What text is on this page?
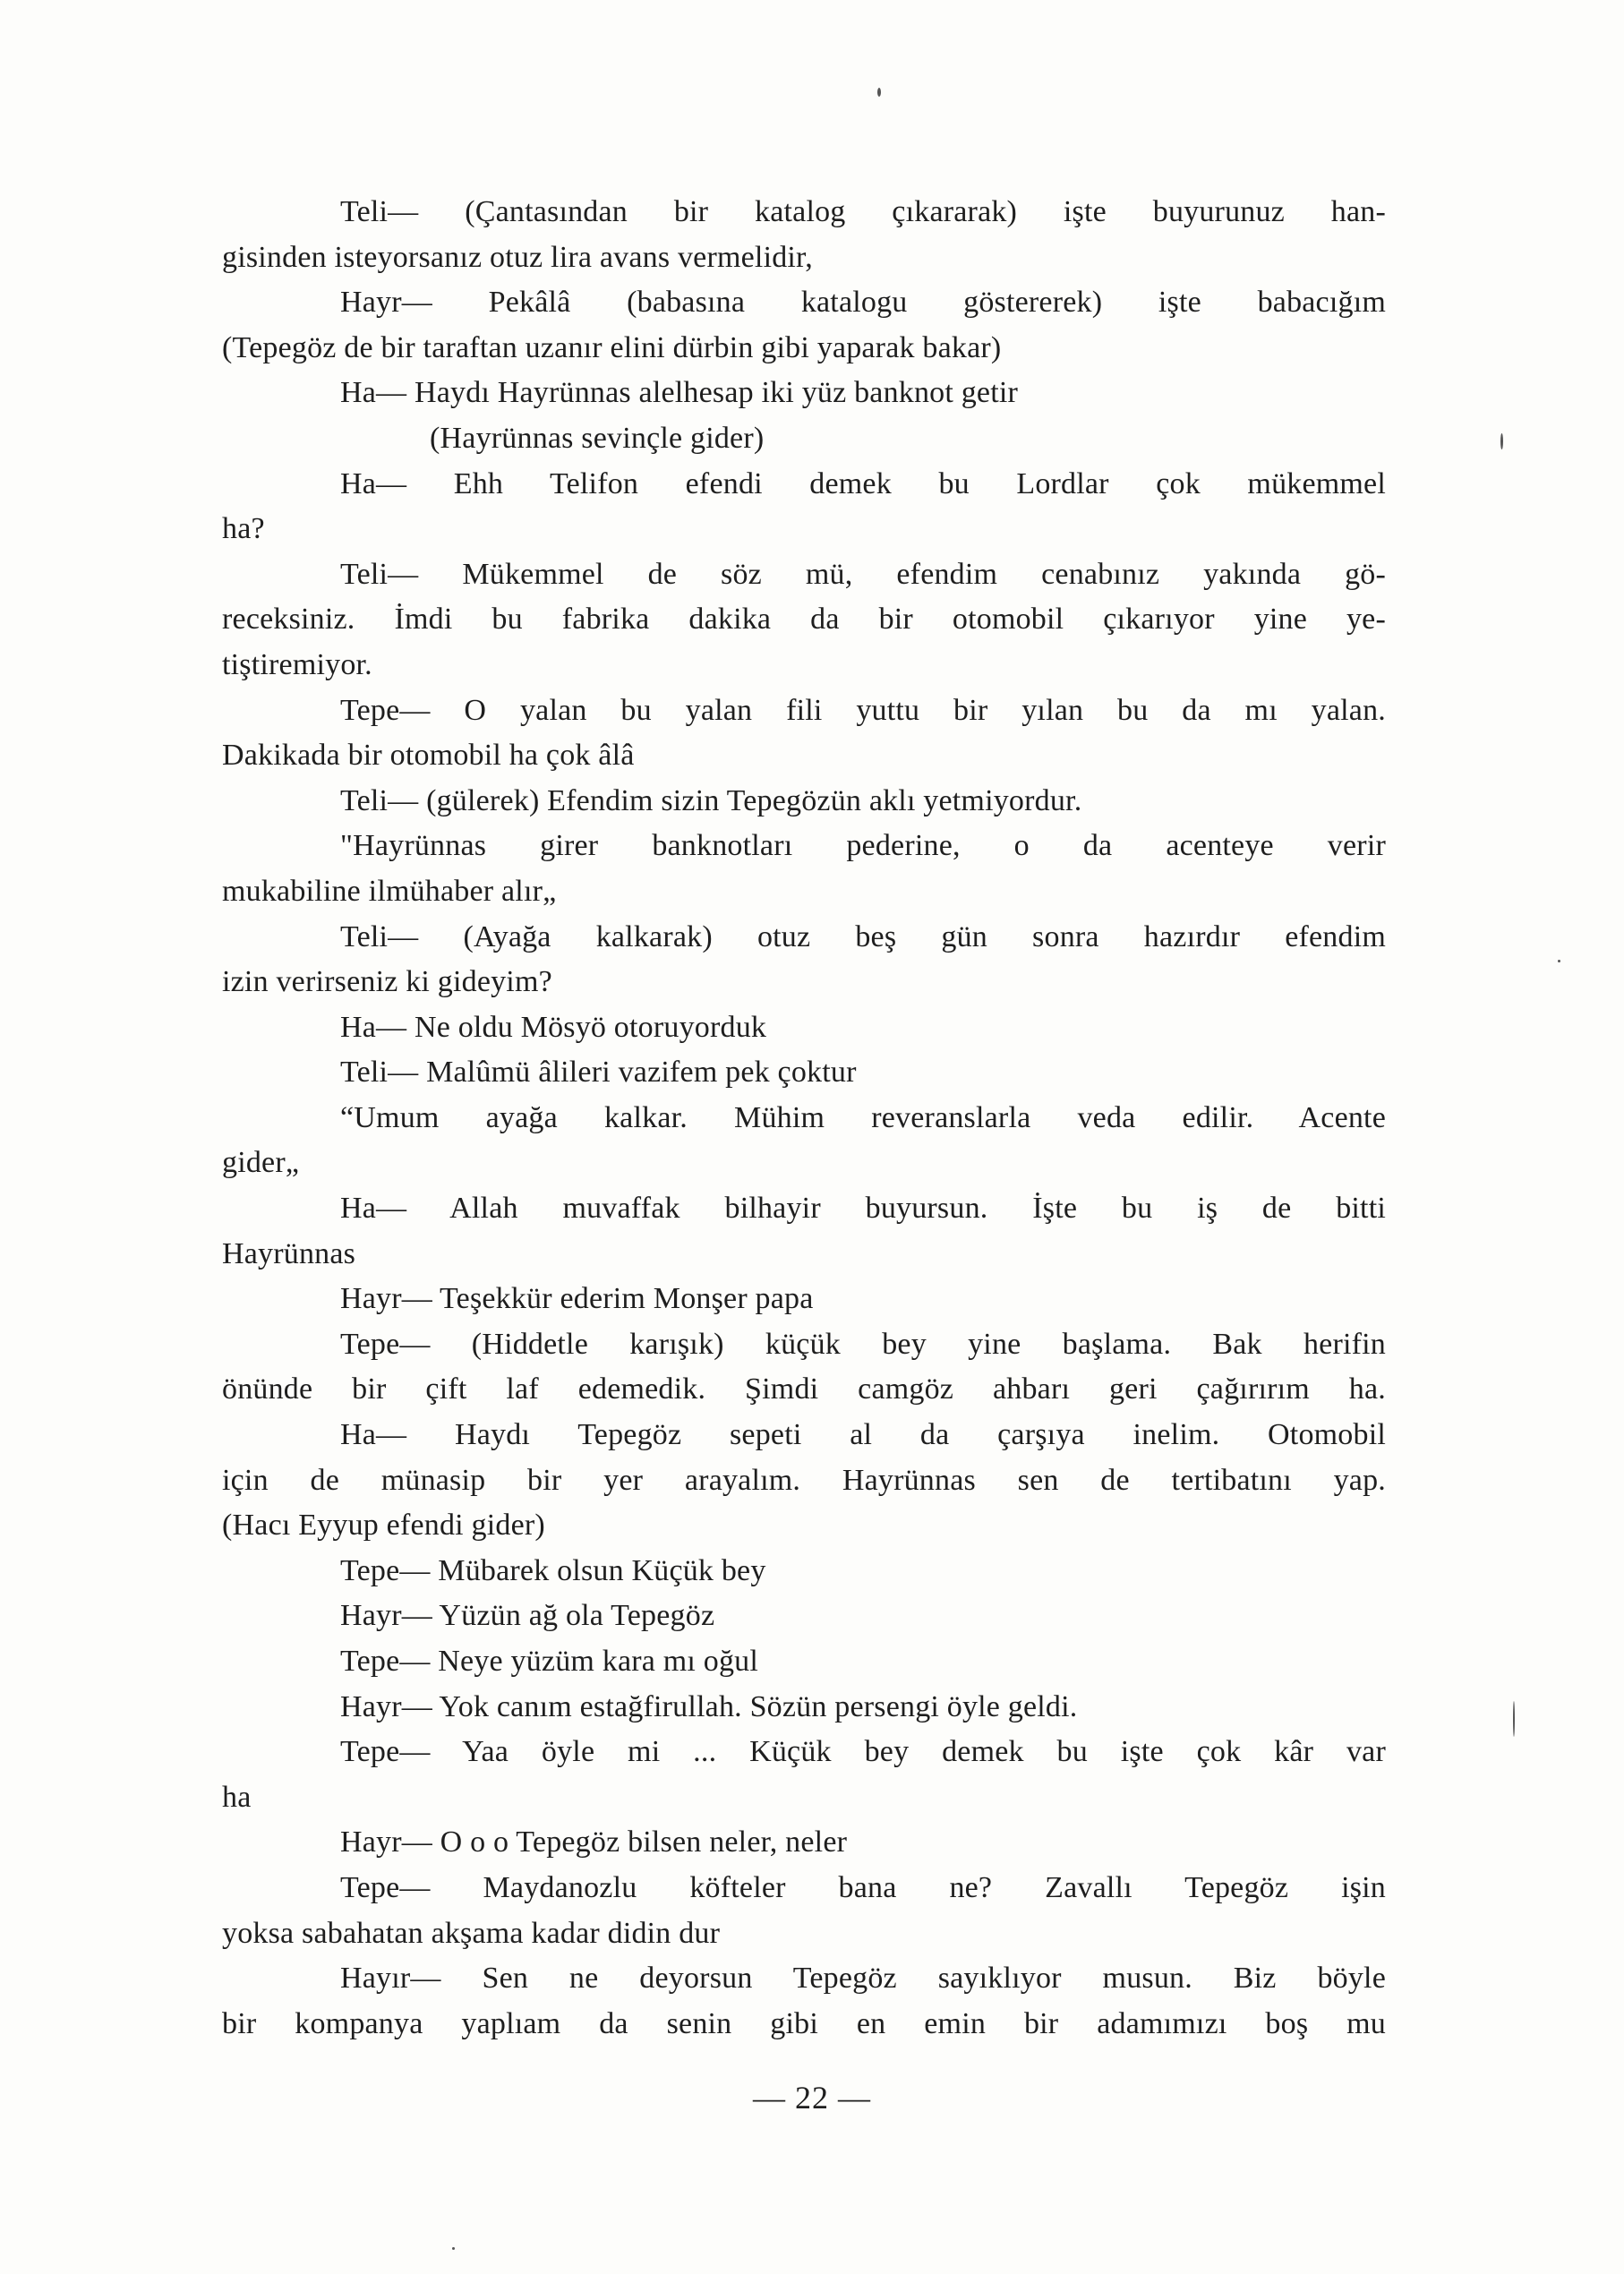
Teli— (Çantasından bir katalog çıkararak) işte buyurunuz han-
gisinden isteyorsanız otuz lira avans vermelidir,
Hayr— Pekâlâ (babasına katalogu göstererek) işte babacığım
(Tepegöz de bir taraftan uzanır elini dürbin gibi yaparak bakar)
Ha— Haydı Hayrünnas alelhesap iki yüz banknot getir
(Hayrünnas sevinçle gider)
Ha— Ehh Telifon efendi demek bu Lordlar çok mükemmel
ha?
Teli— Mükemmel de söz mü, efendim cenabınız yakında gö-
receksiniz. İmdi bu fabrika dakika da bir otomobil çıkarıyor yine ye-
tiştiremiyor.
Tepe— O yalan bu yalan fili yuttu bir yılan bu da mı yalan.
Dakikada bir otomobil ha çok âlâ
Teli— (gülerek) Efendim sizin Tepegözün aklı yetmiyordur.
"Hayrünnas girer banknotları pederine, o da acenteye verir
mukabiline ilmühaber alır„
Teli— (Ayağa kalkarak) otuz beş gün sonra hazırdır efendim
izin verirseniz ki gideyim?
Ha— Ne oldu Mösyö otoruyorduk
Teli— Malûmü âlileri vazifem pek çoktur
“Umum ayağa kalkar. Mühim reveranslarla veda edilir. Acente
gider„
Ha— Allah muvaffak bilhayir buyursun. İşte bu iş de bitti
Hayrünnas
Hayr— Teşekkür ederim Monşer papa
Tepe— (Hiddetle karışık) küçük bey yine başlama. Bak herifin
önünde bir çift laf edemedik. Şimdi camgöz ahbarı geri çağırırım ha.
Ha— Haydı Tepegöz sepeti al da çarşıya inelim. Otomobil
için de münasip bir yer arayalım. Hayrünnas sen de tertibatını yap.
(Hacı Eyyup efendi gider)
Tepe— Mübarek olsun Küçük bey
Hayr— Yüzün ağ ola Tepegöz
Tepe— Neye yüzüm kara mı oğul
Hayr— Yok canım estağfirullah. Sözün persengi öyle geldi.
Tepe— Yaa öyle mi ... Küçük bey demek bu işte çok kâr var
ha
Hayr— O o o Tepegöz bilsen neler, neler
Tepe— Maydanozlu köfteler bana ne? Zavallı Tepegöz işin
yoksa sabahatan akşama kadar didin dur
Hayır— Sen ne deyorsun Tepegöz sayıklıyor musun. Biz böyle
bir kompanya yaplıam da senin gibi en emin bir adamımızı boş mu
— 22 —
